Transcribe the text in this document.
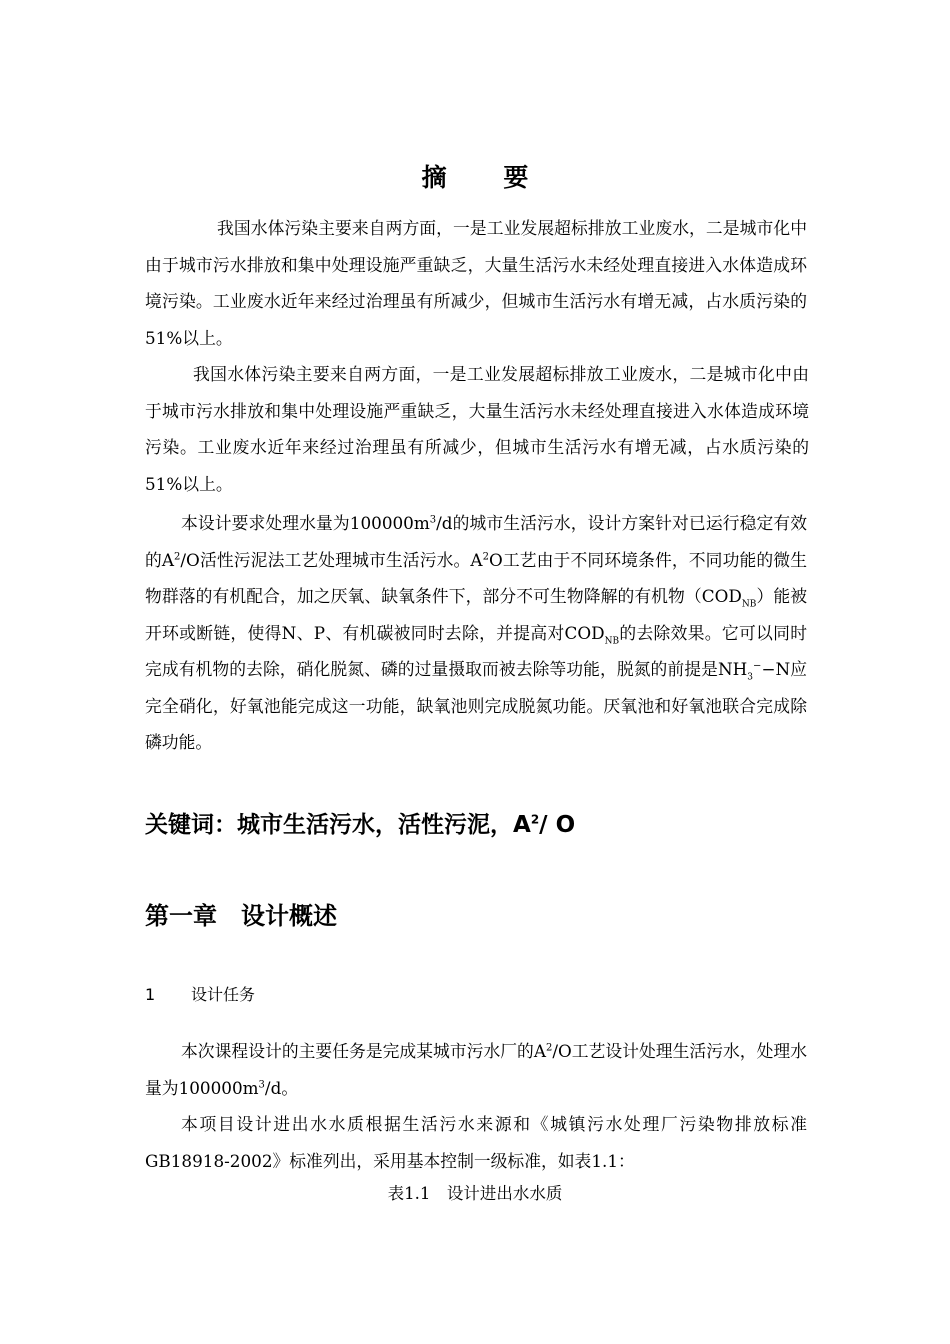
摘 要

我国水体污染主要来自两方面，一是工业发展超标排放工业废水，二是城市化中由于城市污水排放和集中处理设施严重缺乏，大量生活污水未经处理直接进入水体造成环境污染。工业废水近年来经过治理虽有所减少，但城市生活污水有增无减，占水质污染的51%以上。

我国水体污染主要来自两方面，一是工业发展超标排放工业废水，二是城市化中由于城市污水排放和集中处理设施严重缺乏，大量生活污水未经处理直接进入水体造成环境污染。工业废水近年来经过治理虽有所减少，但城市生活污水有增无减，占水质污染的51%以上。

本设计要求处理水量为$100000m^3/d$的城市生活污水，设计方案针对已运行稳定有效的$A^2/O$活性污泥法工艺处理城市生活污水。$A^2O$工艺由于不同环境条件，不同功能的微生物群落的有机配合，加之厌氧、缺氧条件下，部分不可生物降解的有机物$(COD_{NB})$能被开环或断链，使得N、P、有机碳被同时去除，并提高对$COD_{NB}$的去除效果。它可以同时完成有机物的去除，硝化脱氮、磷的过量摄取而被去除等功能，脱氮的前提是$NH_3^--N$应完全硝化，好氧池能完成这一功能，缺氧池则完成脱氮功能。厌氧池和好氧池联合完成除磷功能。

关键词：城市生活污水，活性污泥，$A^2/$ O
第一章 设计概述
1 设计任务

本次课程设计的主要任务是完成某城市污水厂的$A^2/O$工艺设计处理生活污水，处理水量为$100000m^3/d$。

本项目设计进出水水质根据生活污水来源和《城镇污水处理厂污染物排放标准GB18918-2002》标准列出，采用基本控制一级标准，如表1.1：

表1.1　设计进出水水质
